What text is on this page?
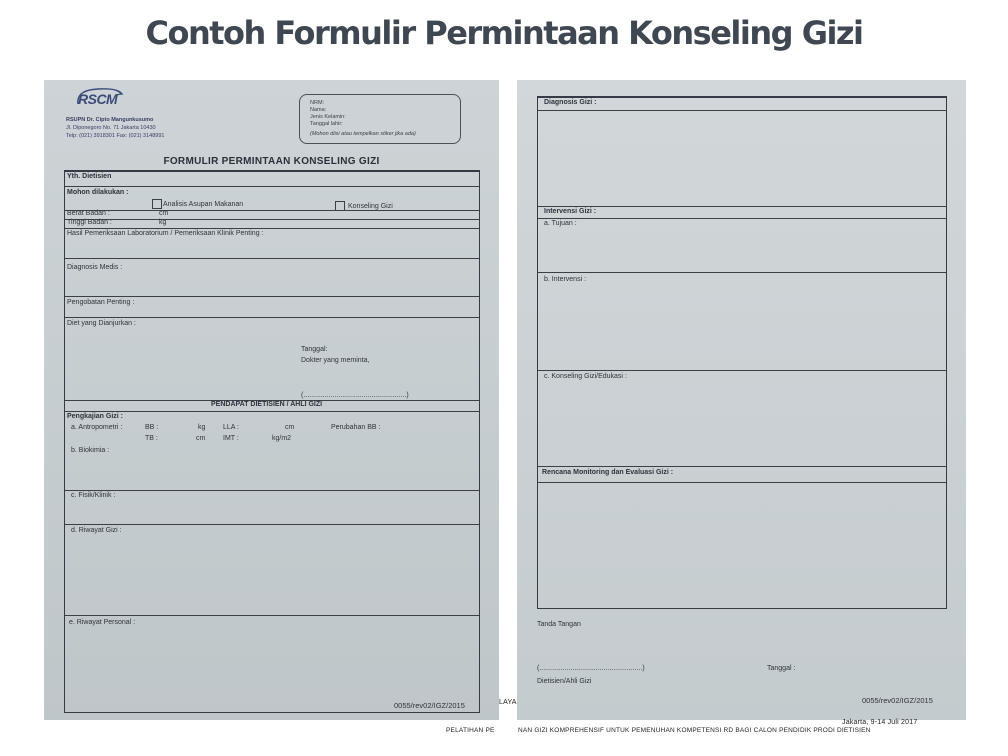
Contoh Formulir Permintaan Konseling Gizi
RSCM
RSUPN Dr. Cipto Mangunkusumo
Jl. Diponegoro No. 71 Jakarta 10430
Telp: (021) 3918301 Fax: (021) 3148991
NRM:
Nama:
Jenis Kelamin:
Tanggal lahir:
(Mohon diisi atau tempelkan stiker jika ada)
FORMULIR PERMINTAAN KONSELING GIZI
Yth. Dietisien
Mohon dilakukan :
Analisis Asupan Makanan	Konseling Gizi
Berat Badan :	cm
Tinggi Badan :	kg
Hasil Pemeriksaan Laboratorium / Pemeriksaan Klinik Penting :
Diagnosis Medis :
Pengobatan Penting :
Diet yang Dianjurkan :
Tanggal:
Dokter yang meminta,
(.....................................................)
PENDAPAT DIETISIEN / AHLI GIZI
Pengkajian Gizi :
a. Antropometri :	BB :	kg	LLA :	cm	Perubahan BB :
TB :	cm	IMT :	kg/m2
b. Biokimia :
c. Fisik/Klinik :
d. Riwayat Gizi :
e. Riwayat Personal :
0055/rev02/IGZ/2015	LAYA
Diagnosis Gizi :
Intervensi Gizi :
a. Tujuan :
b. Intervensi :
c. Konseling Gizi/Edukasi :
Rencana Monitoring dan Evaluasi Gizi :
Tanda Tangan
(.....................................................)	Tanggal :
Dietisien/Ahli Gizi
0055/rev02/IGZ/2015
PELATIHAN PE	NAN GIZI KOMPREHENSIF UNTUK PEMENUHAN KOMPETENSI RD BAGI CALON PENDIDIK PRODI DIETISIEN
Jakarta, 9-14 Juli 2017
